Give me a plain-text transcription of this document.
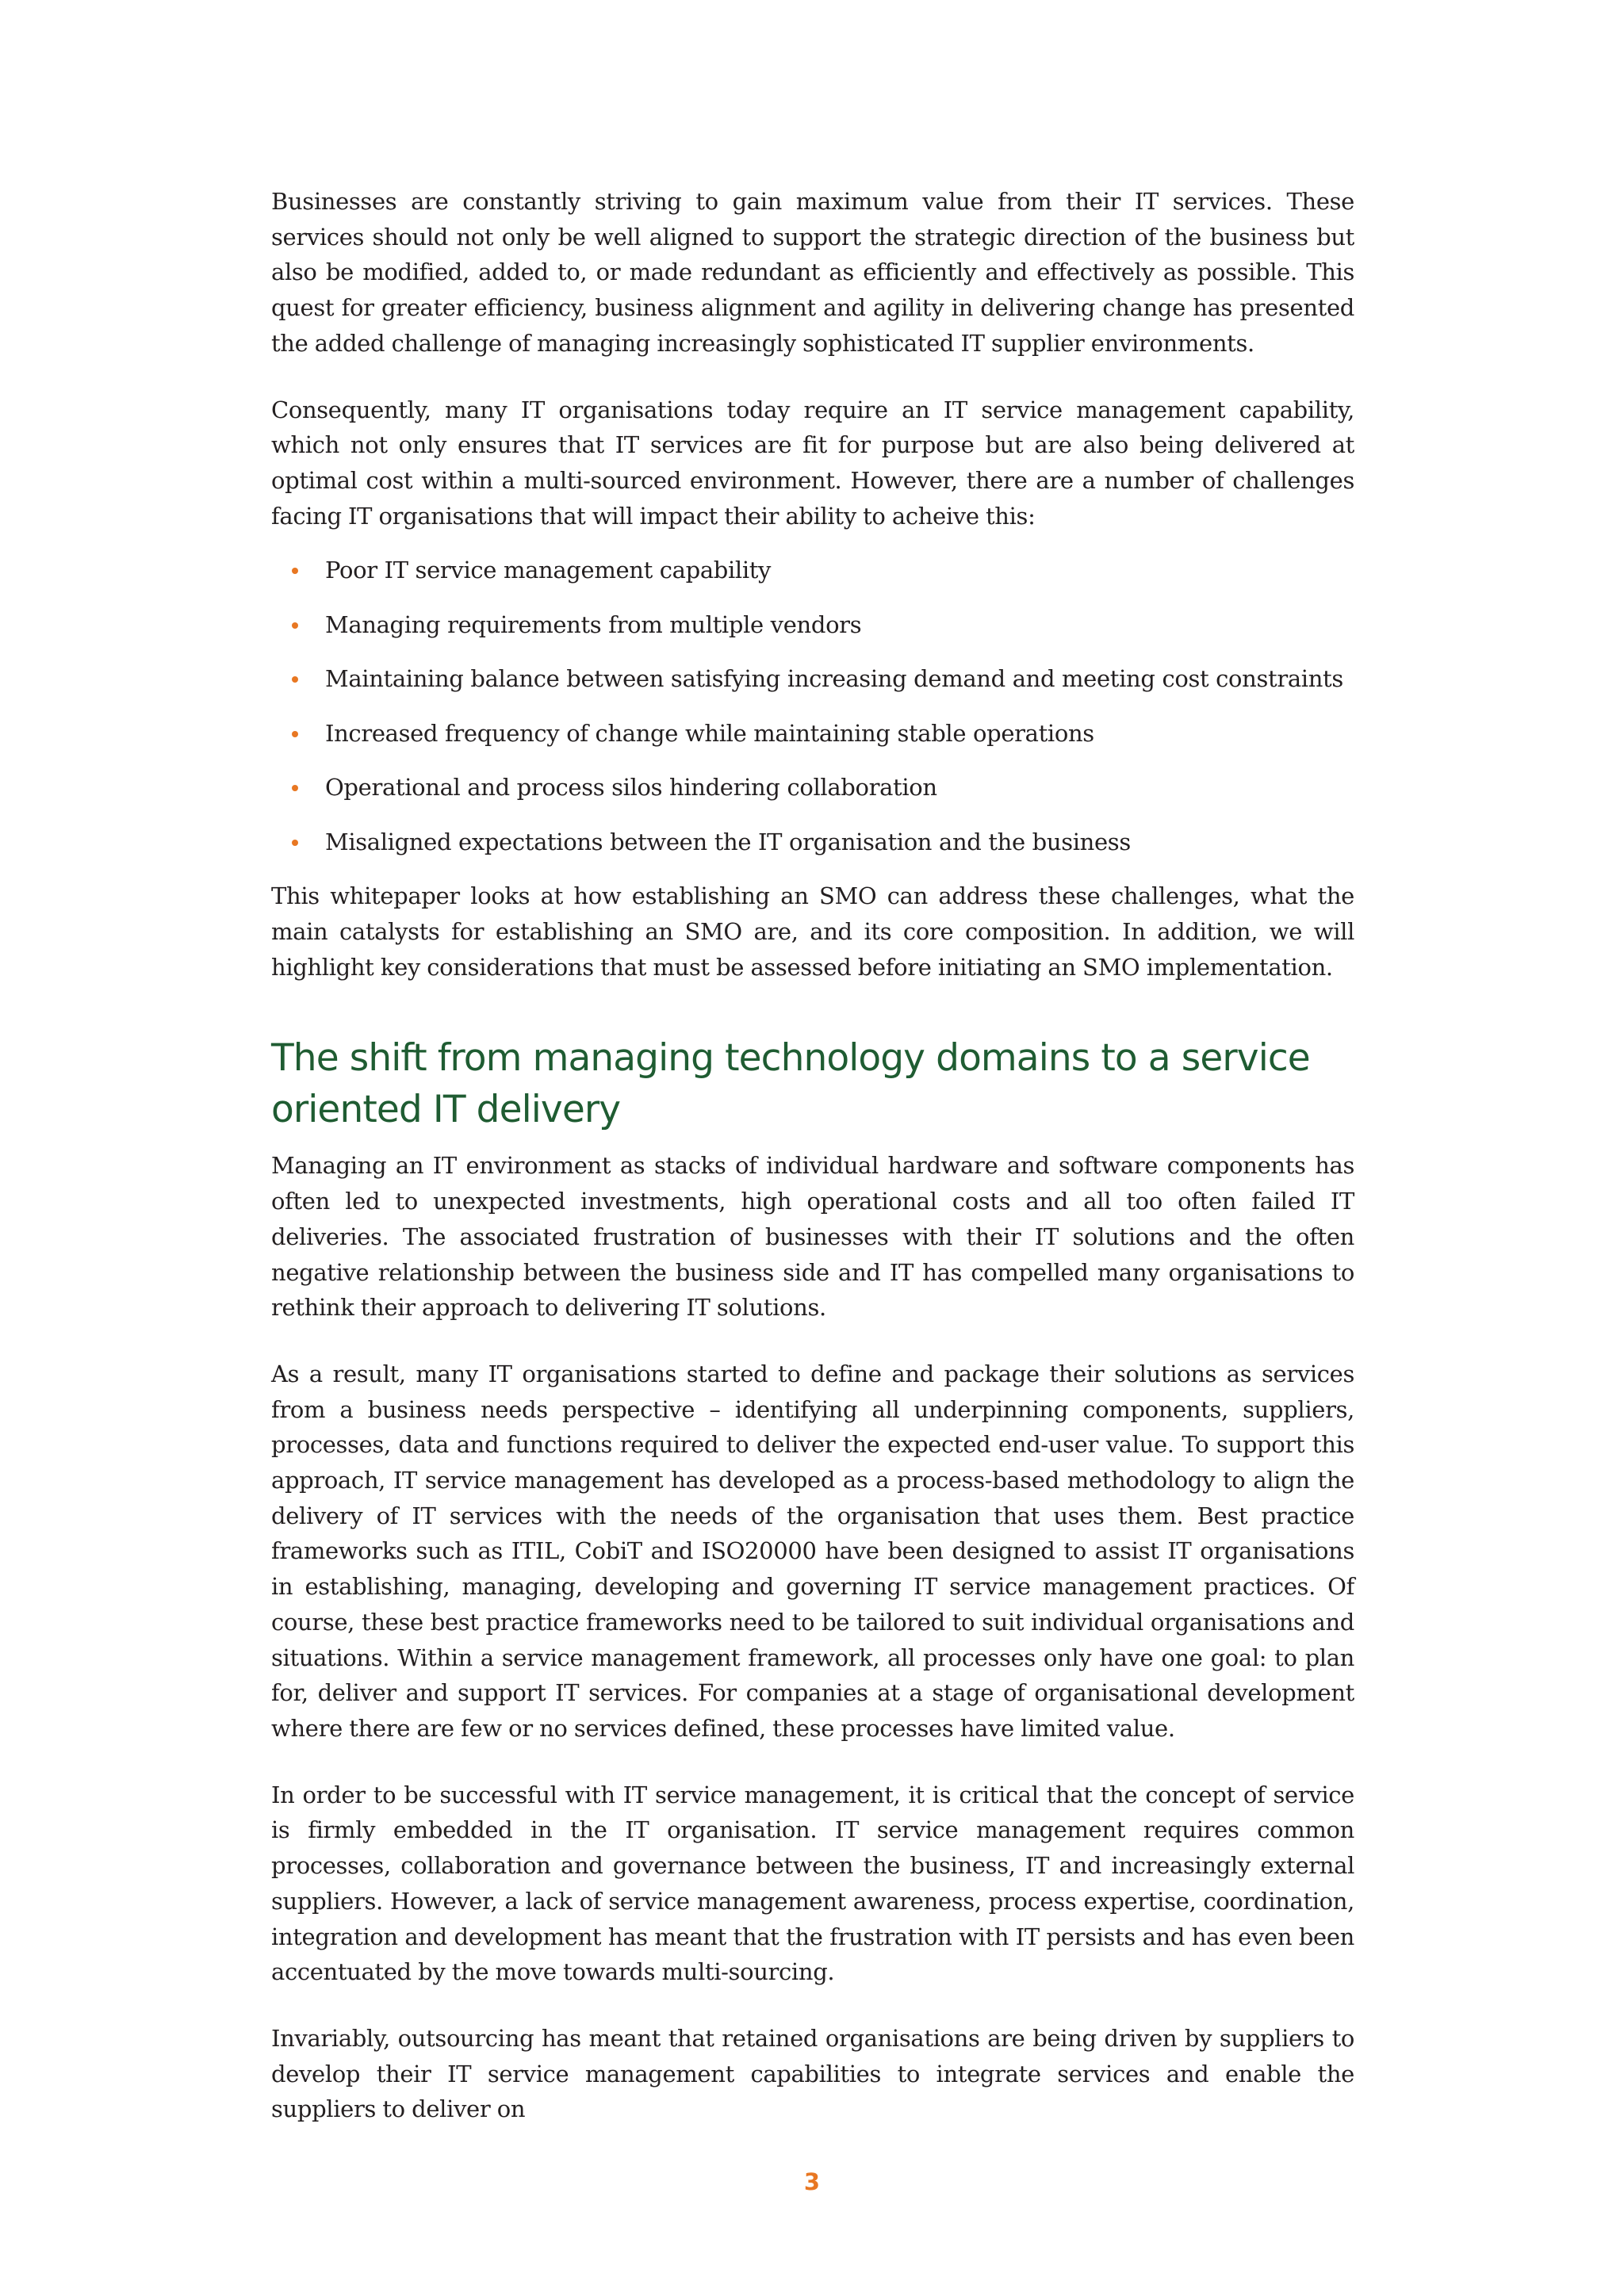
Businesses are constantly striving to gain maximum value from their IT services. These services should not only be well aligned to support the strategic direction of the business but also be modified, added to, or made redundant as efficiently and effectively as possible. This quest for greater efficiency, business alignment and agility in delivering change has presented the added challenge of managing increasingly sophisticated IT supplier environments.

Consequently, many IT organisations today require an IT service management capability, which not only ensures that IT services are fit for purpose but are also being delivered at optimal cost within a multi-sourced environment. However, there are a number of challenges facing IT organisations that will impact their ability to acheive this:

Poor IT service management capability
Managing requirements from multiple vendors
Maintaining balance between satisfying increasing demand and meeting cost constraints
Increased frequency of change while maintaining stable operations
Operational and process silos hindering collaboration
Misaligned expectations between the IT organisation and the business

This whitepaper looks at how establishing an SMO can address these challenges, what the main catalysts for establishing an SMO are, and its core composition. In addition, we will highlight key considerations that must be assessed before initiating an SMO implementation.

The shift from managing technology domains to a service oriented IT delivery

Managing an IT environment as stacks of individual hardware and software components has often led to unexpected investments, high operational costs and all too often failed IT deliveries. The associated frustration of businesses with their IT solutions and the often negative relationship between the business side and IT has compelled many organisations to rethink their approach to delivering IT solutions.

As a result, many IT organisations started to define and package their solutions as services from a business needs perspective – identifying all underpinning components, suppliers, processes, data and functions required to deliver the expected end-user value. To support this approach, IT service management has developed as a process-based methodology to align the delivery of IT services with the needs of the organisation that uses them. Best practice frameworks such as ITIL, CobiT and ISO20000 have been designed to assist IT organisations in establishing, managing, developing and governing IT service management practices. Of course, these best practice frameworks need to be tailored to suit individual organisations and situations. Within a service management framework, all processes only have one goal: to plan for, deliver and support IT services. For companies at a stage of organisational development where there are few or no services defined, these processes have limited value.

In order to be successful with IT service management, it is critical that the concept of service is firmly embedded in the IT organisation. IT service management requires common processes, collaboration and governance between the business, IT and increasingly external suppliers. However, a lack of service management awareness, process expertise, coordination, integration and development has meant that the frustration with IT persists and has even been accentuated by the move towards multi-sourcing.

Invariably, outsourcing has meant that retained organisations are being driven by suppliers to develop their IT service management capabilities to integrate services and enable the suppliers to deliver on

3
